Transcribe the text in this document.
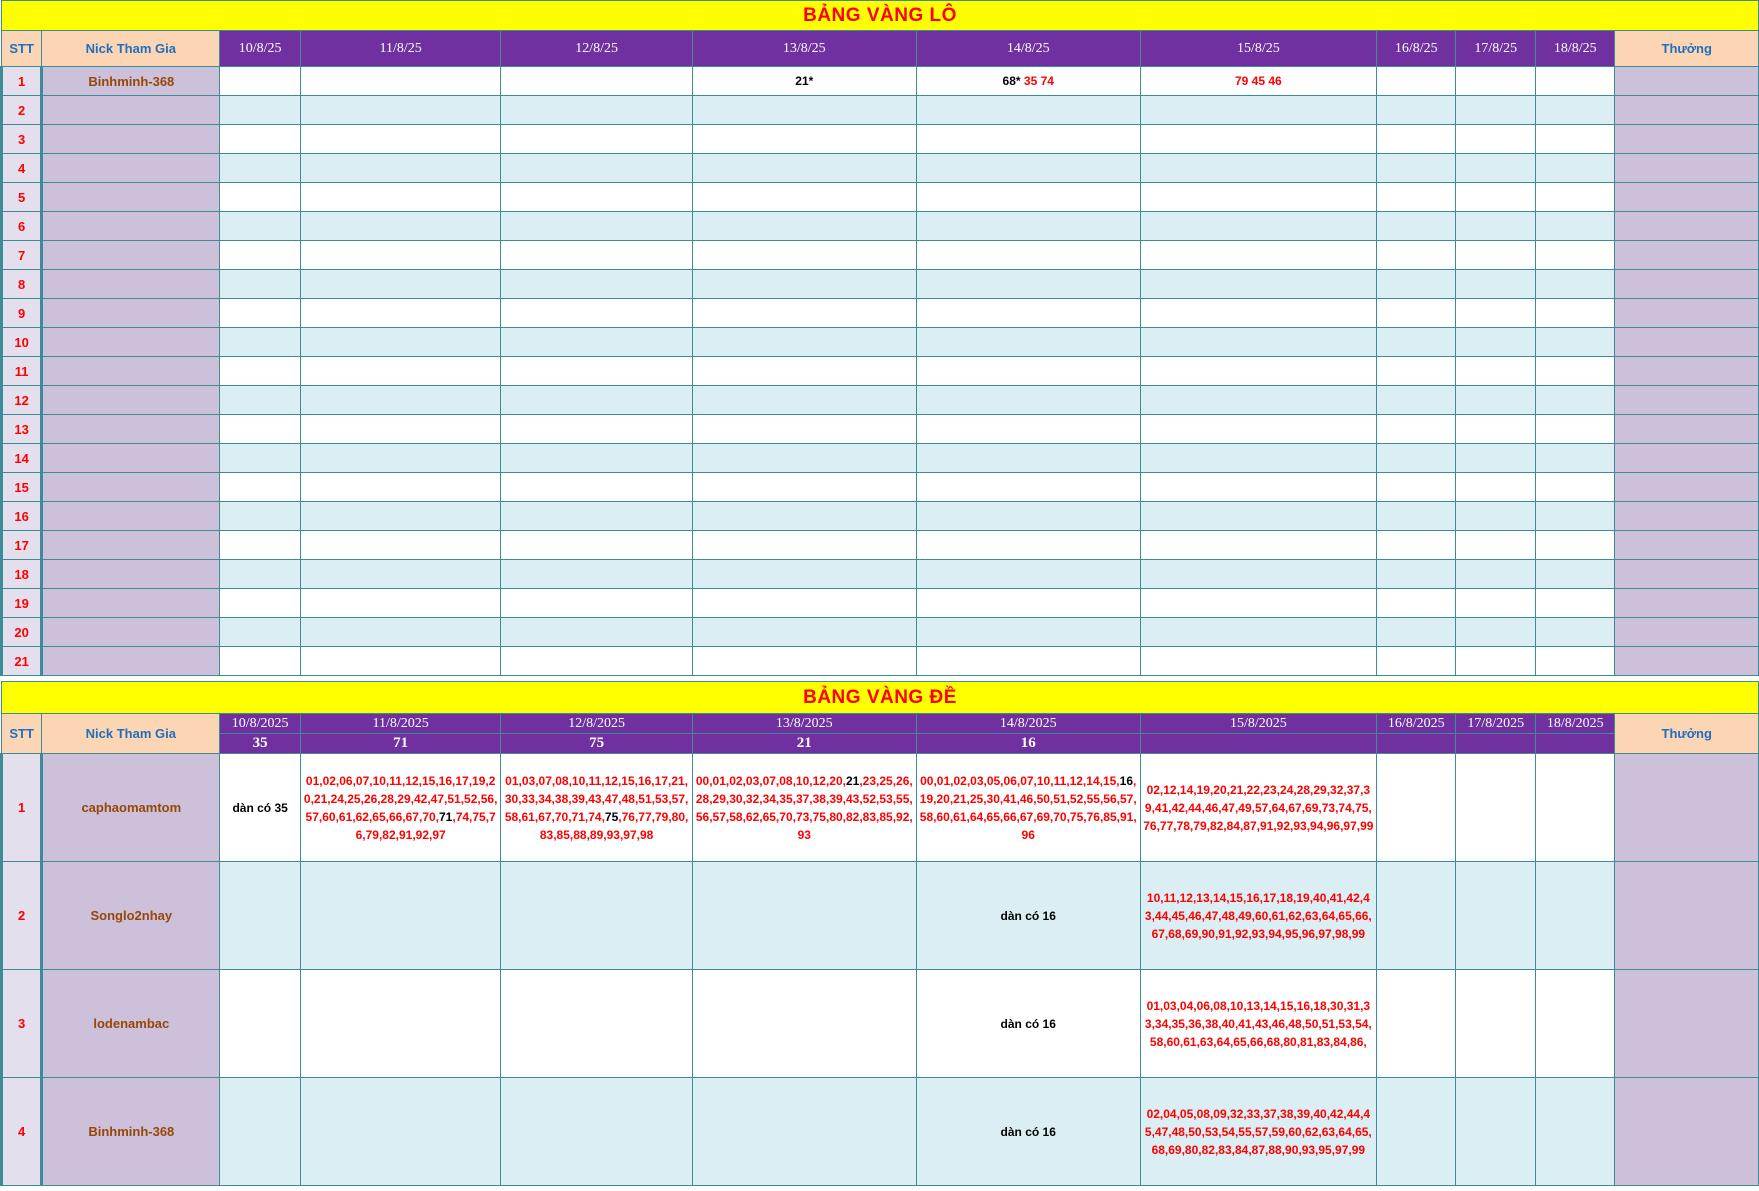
BẢNG VÀNG LÔ											
STT	Nick Tham Gia	10/8/25	11/8/25	12/8/25	13/8/25	14/8/25	15/8/25	16/8/25	17/8/25	18/8/25	Thưởng
1	Binhminh-368				21*	68* 35 74	79 45 46				
2											
3											
4											
5											
6											
7											
8											
9											
10											
11											
12											
13											
14											
15											
16											
17											
18											
19											
20											
21											
BẢNG VÀNG ĐỀ											
STT	Nick Tham Gia	10/8/2025	11/8/2025	12/8/2025	13/8/2025	14/8/2025	15/8/2025	16/8/2025	17/8/2025	18/8/2025	Thưởng
		35	71	75	21	16					
1	caphaomamtom	dàn có 35	01,02,06,07,10,11,12,15,16,17,19,20,21,24,25,26,28,29,42,47,51,52,56,57,60,61,62,65,66,67,70,71,74,75,76,79,82,91,92,97	01,03,07,08,10,11,12,15,16,17,21,30,33,34,38,39,43,47,48,51,53,57,58,61,67,70,71,74,75,76,77,79,80,83,85,88,89,93,97,98	00,01,02,03,07,08,10,12,20,21,23,25,26,28,29,30,32,34,35,37,38,39,43,52,53,55,56,57,58,62,65,70,73,75,80,82,83,85,92,93	00,01,02,03,05,06,07,10,11,12,14,15,16,19,20,21,25,30,41,46,50,51,52,55,56,57,58,60,61,64,65,66,67,69,70,75,76,85,91,96	02,12,14,19,20,21,22,23,24,28,29,32,37,39,41,42,44,46,47,49,57,64,67,69,73,74,75,76,77,78,79,82,84,87,91,92,93,94,96,97,99				
2	Songlo2nhay					dàn có 16	10,11,12,13,14,15,16,17,18,19,40,41,42,43,44,45,46,47,48,49,60,61,62,63,64,65,66,67,68,69,90,91,92,93,94,95,96,97,98,99				
3	lodenambac					dàn có 16	01,03,04,06,08,10,13,14,15,16,18,30,31,33,34,35,36,38,40,41,43,46,48,50,51,53,54,58,60,61,63,64,65,66,68,80,81,83,84,86,				
4	Binhminh-368					dàn có 16	02,04,05,08,09,32,33,37,38,39,40,42,44,45,47,48,50,53,54,55,57,59,60,62,63,64,65,68,69,80,82,83,84,87,88,90,93,95,97,99				
